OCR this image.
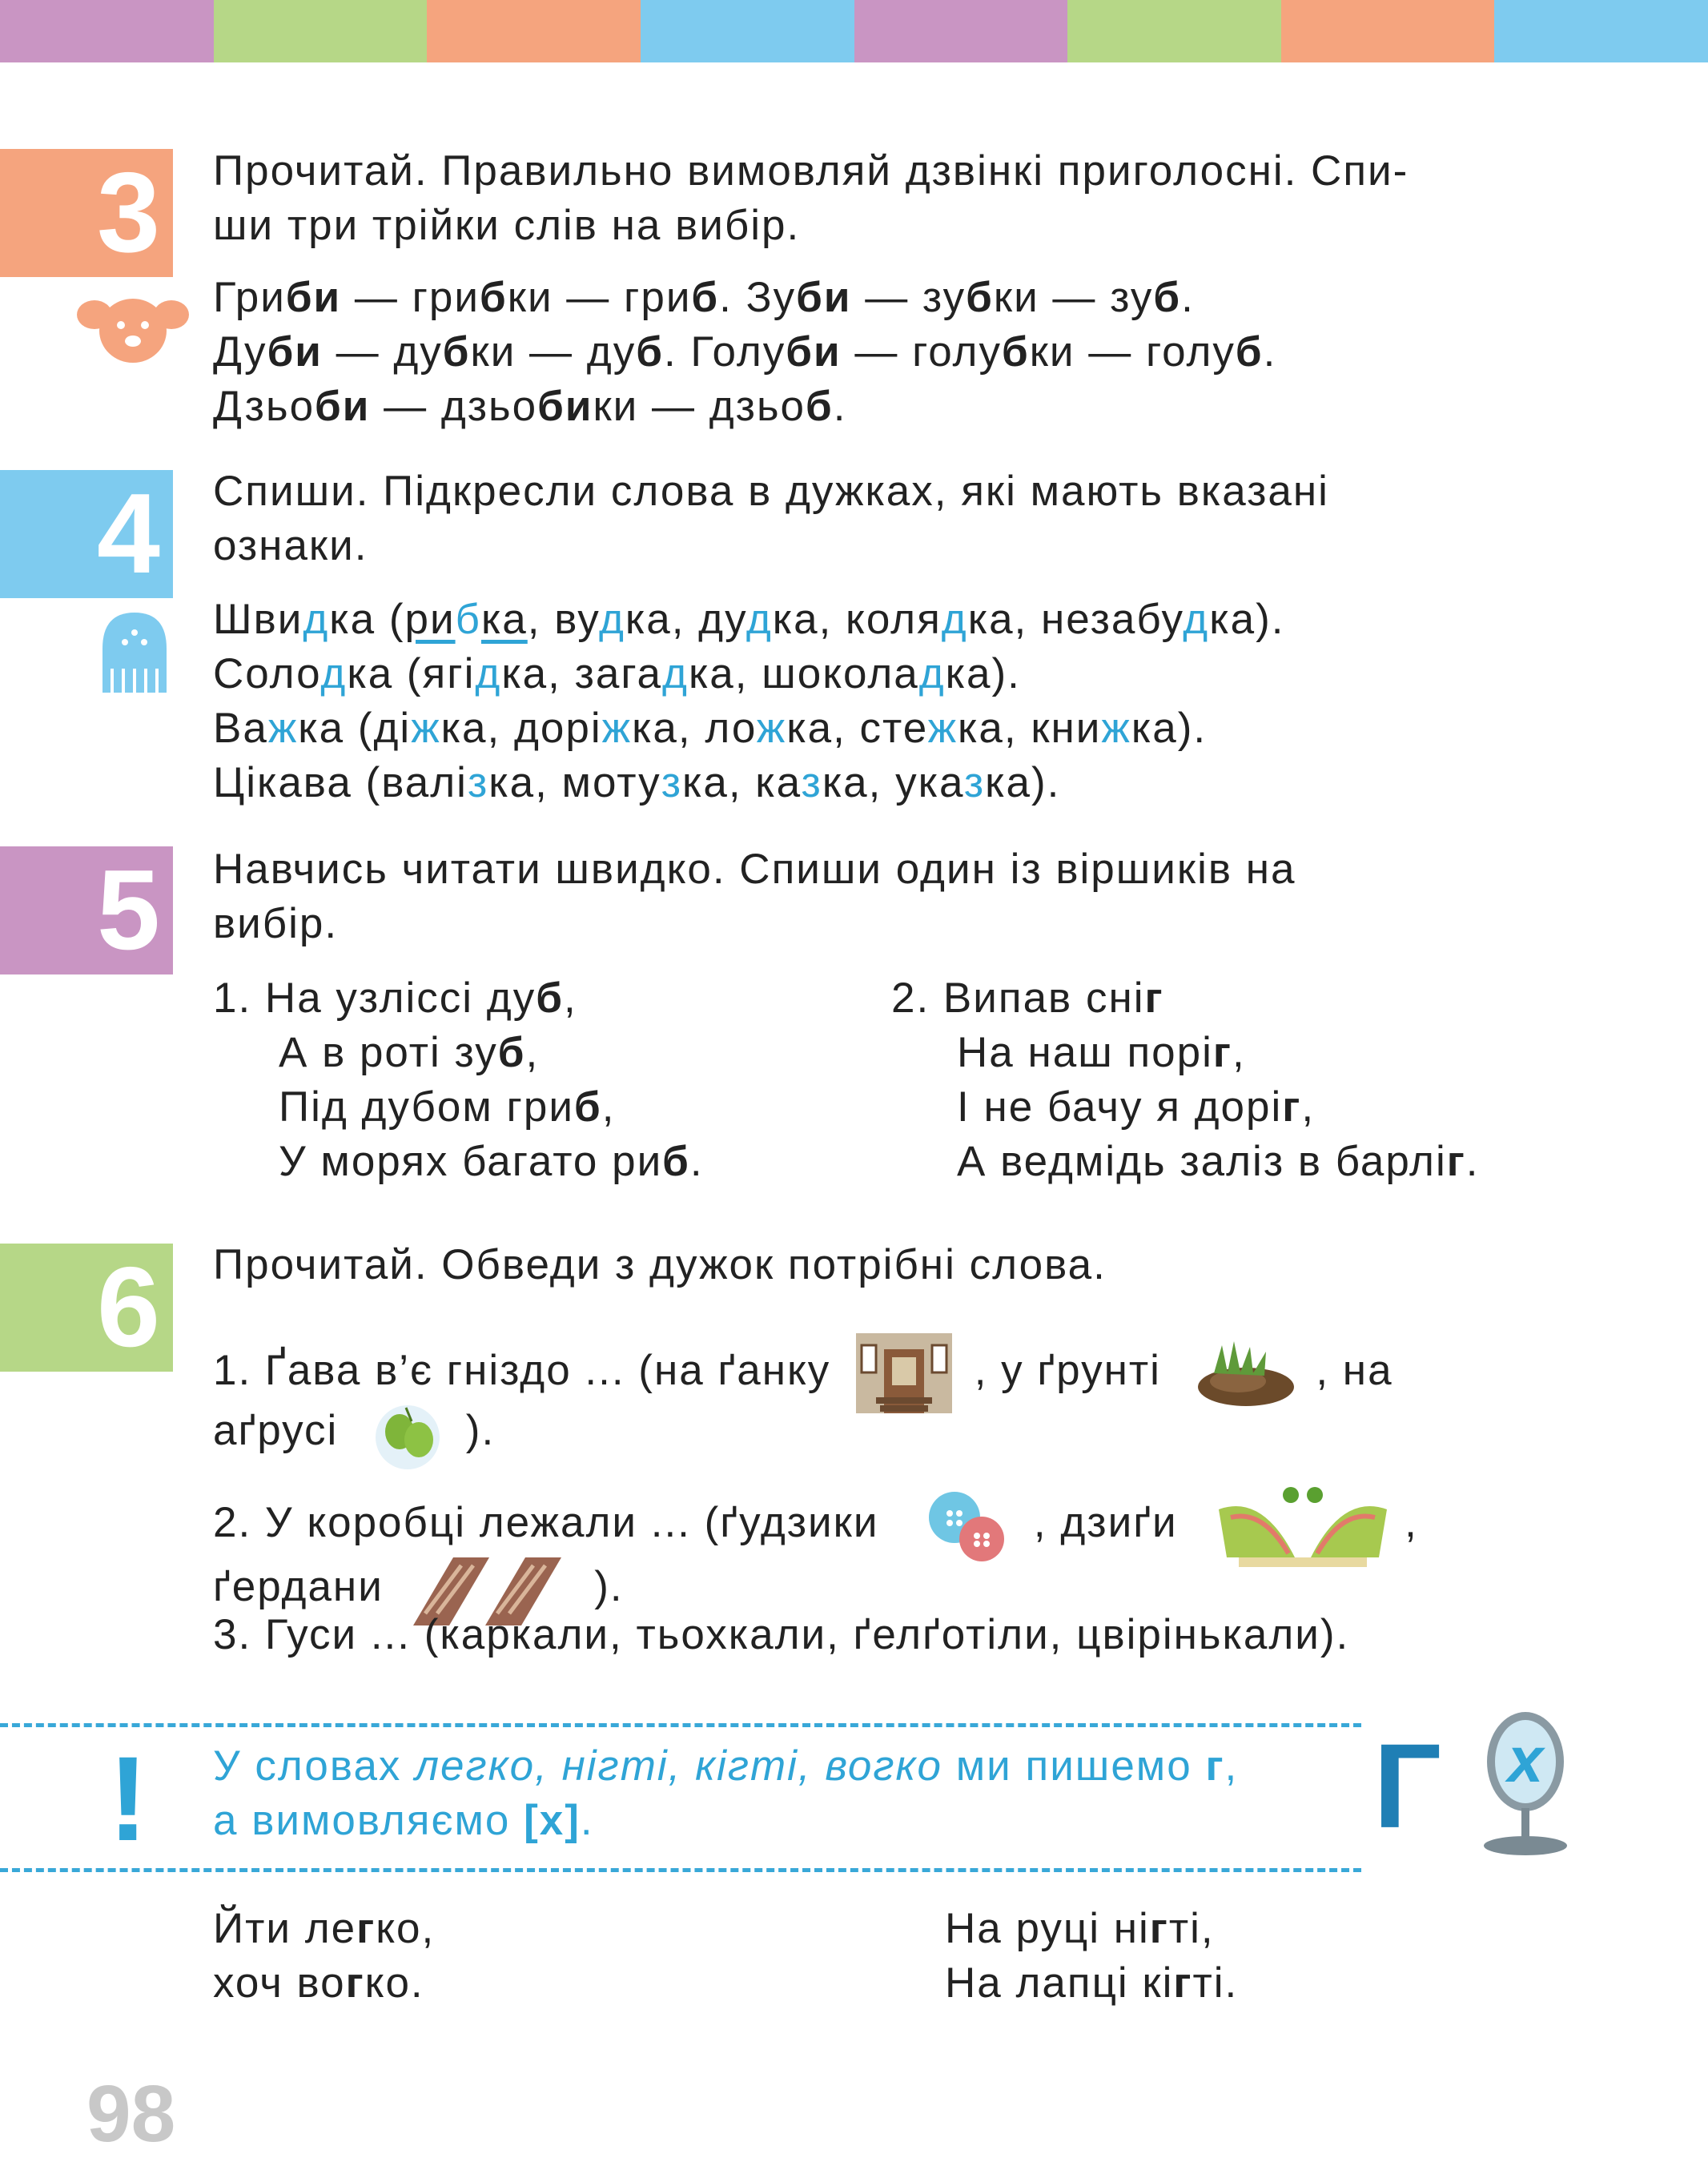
3 Прочитай. Правильно вимовляй дзвінкі приголосні. Спи-
ши три трійки слів на вибір.
Гриби — грибки — гриб. Зуби — зубки — зуб.
Дуби — дубки — дуб. Голуби — голубки — голуб.
Дзьоби — дзьобики — дзьоб.
4 Спиши. Підкресли слова в дужках, які мають вказані
ознаки.
Швидка (рибка, вудка, дудка, колядка, незабудка).
Солодка (ягідка, загадка, шоколадка).
Важка (діжка, доріжка, ложка, стежка, книжка).
Цікава (валізка, мотузка, казка, указка).
5 Навчись читати швидко. Спиши один із віршиків на
вибір.
1. На узліссі дуб,
А в роті зуб,
Під дубом гриб,
У морях багато риб.
2. Випав сніг
На наш поріг,
І не бачу я доріг,
А ведмідь заліз в барліг.
6 Прочитай. Обведи з дужок потрібні слова.
1. Ґава в’є гніздо ... (на ґанку	, у ґрунті	, на
аґрусі	).
2. У коробці лежали ... (ґудзики	, дзиґи	,
ґердани	).
3. Гуси ... (каркали, тьохкали, ґелґотіли, цвірінькали).
! У словах легко, нігті, кігті, вогко ми пишемо г,
а вимовляємо [х].	Г	х
Йти легко,
хоч вогко.
На руці нігті,
На лапці кігті.
98
